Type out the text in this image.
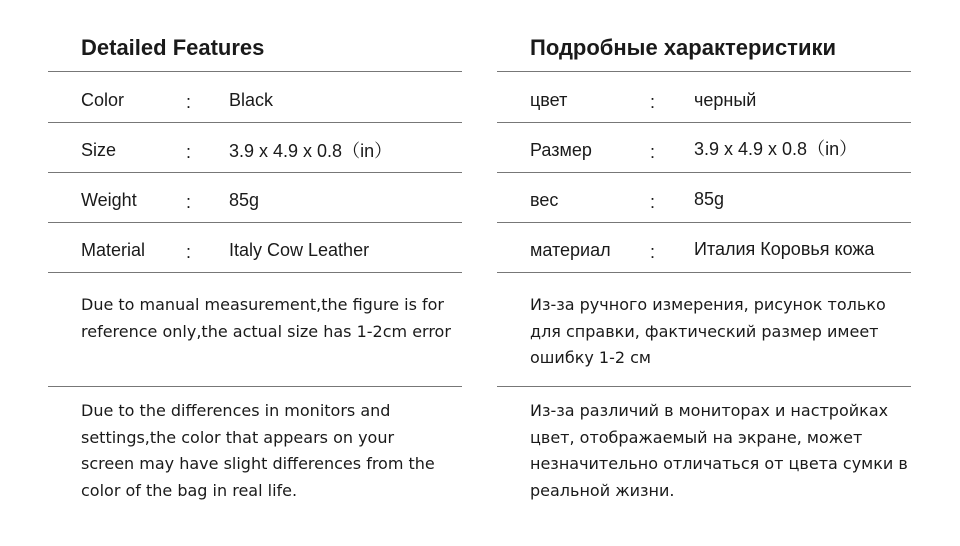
Detailed Features
Color	: Black
Size	: 3.9 x 4.9 x 0.8（in）
Weight	: 85g
Material : Italy Cow Leather
Due to manual measurement,the figure is for reference only,the actual size has 1-2cm error
Due to the differences in monitors and settings,the color that appears on your screen may have slight differences from the color of the bag in real life.
Подробные характеристики
цвет	: черный
Размер	: 3.9 x 4.9 x 0.8（in）
вес	: 85g
материал : Италия Коровья кожа
Из-за ручного измерения, рисунок только для справки, фактический размер имеет ошибку 1-2 см
Из-за различий в мониторах и настройках цвет, отображаемый на экране, может незначительно отличаться от цвета сумки в реальной жизни.
